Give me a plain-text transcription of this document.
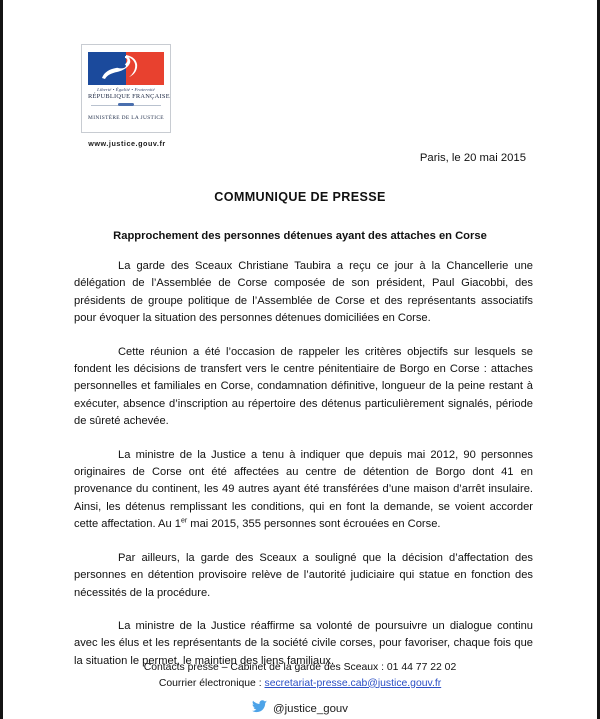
Liberté • Égalité • Fraternité
RÉPUBLIQUE FRANÇAISE
MINISTÈRE DE LA JUSTICE
www.justice.gouv.fr
Paris, le 20 mai 2015
COMMUNIQUE DE PRESSE
Rapprochement des personnes détenues ayant des attaches en Corse

La garde des Sceaux Christiane Taubira a reçu ce jour à la Chancellerie une délégation de l’Assemblée de Corse composée de son président, Paul Giacobbi, des présidents de groupe politique de l’Assemblée de Corse et des représentants associatifs pour évoquer la situation des personnes détenues domiciliées en Corse.

Cette réunion a été l’occasion de rappeler les critères objectifs sur lesquels se fondent les décisions de transfert vers le centre pénitentiaire de Borgo en Corse : attaches personnelles et familiales en Corse, condamnation définitive, longueur de la peine restant à exécuter, absence d’inscription au répertoire des détenus particulièrement signalés, période de sûreté achevée.

La ministre de la Justice a tenu à indiquer que depuis mai 2012, 90 personnes originaires de Corse ont été affectées au centre de détention de Borgo dont 41 en provenance du continent, les 49 autres ayant été transférées d’une maison d’arrêt insulaire. Ainsi, les détenus remplissant les conditions, qui en font la demande, se voient accorder cette affectation. Au 1er mai 2015, 355 personnes sont écrouées en Corse.

Par ailleurs, la garde des Sceaux a souligné que la décision d’affectation des personnes en détention provisoire relève de l’autorité judiciaire qui statue en fonction des nécessités de la procédure.

La ministre de la Justice réaffirme sa volonté de poursuivre un dialogue continu avec les élus et les représentants de la société civile corses, pour favoriser, chaque fois que la situation le permet, le maintien des liens familiaux.

Contacts presse – Cabinet de la garde des Sceaux : 01 44 77 22 02
Courrier électronique : secretariat-presse.cab@justice.gouv.fr
@justice_gouv
